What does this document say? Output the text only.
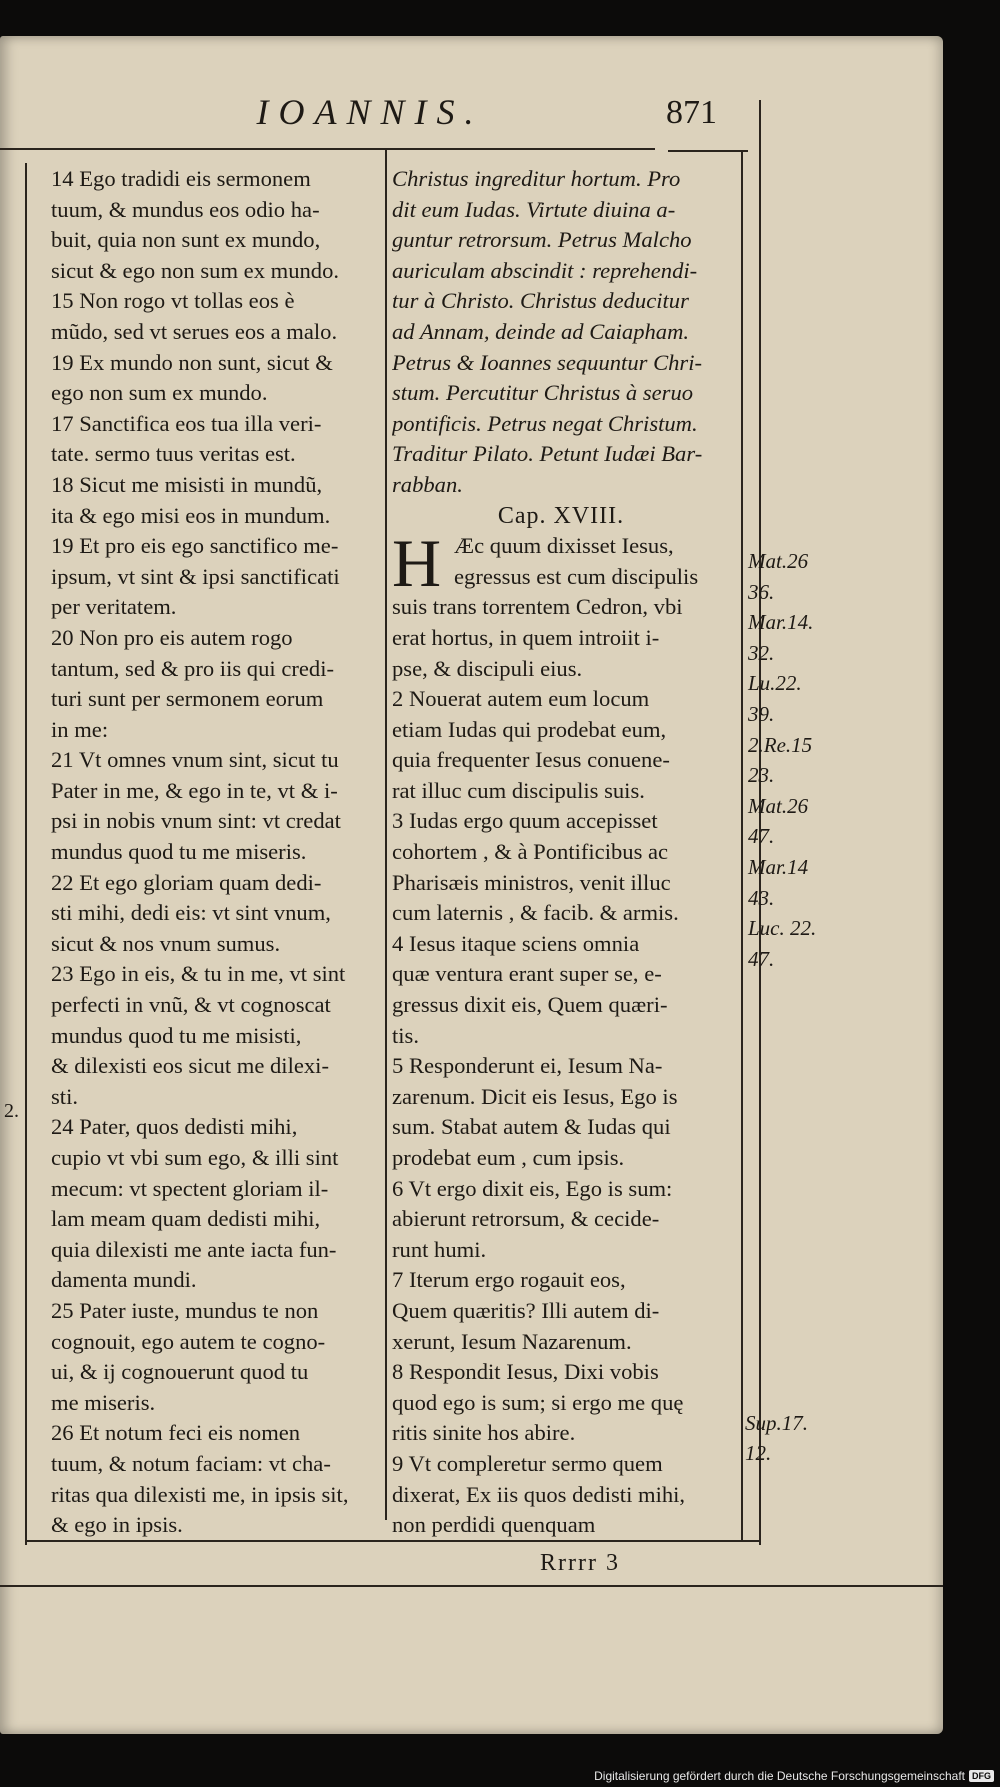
IOANNIS.	871
14 Ego tradidi eis sermonem
tuum, & mundus eos odio ha-
buit, quia non sunt ex mundo,
sicut & ego non sum ex mundo.
15 Non rogo vt tollas eos è
mũdo, sed vt serues eos a malo.
19 Ex mundo non sunt, sicut &
ego non sum ex mundo.
17 Sanctifica eos tua illa veri-
tate. sermo tuus veritas est.
18 Sicut me misisti in mundũ,
ita & ego misi eos in mundum.
19 Et pro eis ego sanctifico me-
ipsum, vt sint & ipsi sanctificati
per veritatem.
20 Non pro eis autem rogo
tantum, sed & pro iis qui credi-
turi sunt per sermonem eorum
in me:
21 Vt omnes vnum sint, sicut tu
Pater in me, & ego in te, vt & i-
psi in nobis vnum sint: vt credat
mundus quod tu me miseris.
22 Et ego gloriam quam dedi-
sti mihi, dedi eis: vt sint vnum,
sicut & nos vnum sumus.
23 Ego in eis, & tu in me, vt sint
perfecti in vnũ, & vt cognoscat
mundus quod tu me misisti,
& dilexisti eos sicut me dilexi-
sti.
24 Pater, quos dedisti mihi,
cupio vt vbi sum ego, & illi sint
mecum: vt spectent gloriam il-
lam meam quam dedisti mihi,
quia dilexisti me ante iacta fun-
damenta mundi.
25 Pater iuste, mundus te non
cognouit, ego autem te cogno-
ui, & ij cognouerunt quod tu
me miseris.
26 Et notum feci eis nomen
tuum, & notum faciam: vt cha-
ritas qua dilexisti me, in ipsis sit,
& ego in ipsis.
Christus ingreditur hortum. Pro
dit eum Iudas. Virtute diuina a-
guntur retrorsum. Petrus Malcho
auriculam abscindit : reprehendi-
tur à Christo. Christus deducitur
ad Annam, deinde ad Caiapham.
Petrus & Ioannes sequuntur Chri-
stum. Percutitur Christus à seruo
pontificis. Petrus negat Christum.
Traditur Pilato. Petunt Iudæi Bar-
rabban.
Cap. XVIII.
H Æc quum dixisset Iesus,
egressus est cum discipulis
suis trans torrentem Cedron, vbi
erat hortus, in quem introiit i-
pse, & discipuli eius.
2 Nouerat autem eum locum
etiam Iudas qui prodebat eum,
quia frequenter Iesus conuene-
rat illuc cum discipulis suis.
3 Iudas ergo quum accepisset
cohortem , & à Pontificibus ac
Pharisæis ministros, venit illuc
cum laternis , & facib. & armis.
4 Iesus itaque sciens omnia
quæ ventura erant super se, e-
gressus dixit eis, Quem quæri-
tis.
5 Responderunt ei, Iesum Na-
zarenum. Dicit eis Iesus, Ego is
sum. Stabat autem & Iudas qui
prodebat eum , cum ipsis.
6 Vt ergo dixit eis, Ego is sum:
abierunt retrorsum, & cecide-
runt humi.
7 Iterum ergo rogauit eos,
Quem quæritis? Illi autem di-
xerunt, Iesum Nazarenum.
8 Respondit Iesus, Dixi vobis
quod ego is sum; si ergo me quę
ritis sinite hos abire.
9 Vt compleretur sermo quem
dixerat, Ex iis quos dedisti mihi,
non perdidi quenquam
Mat.26
36.
Mar.14.
32.
Lu.22.
39.
2.Re.15
23.
Mat.26
47.
Mar.14
43.
Luc. 22.
47.
Sup.17.
12.
2.
Rrrrr 3
Digitalisierung gefördert durch die Deutsche Forschungsgemeinschaft DFG
